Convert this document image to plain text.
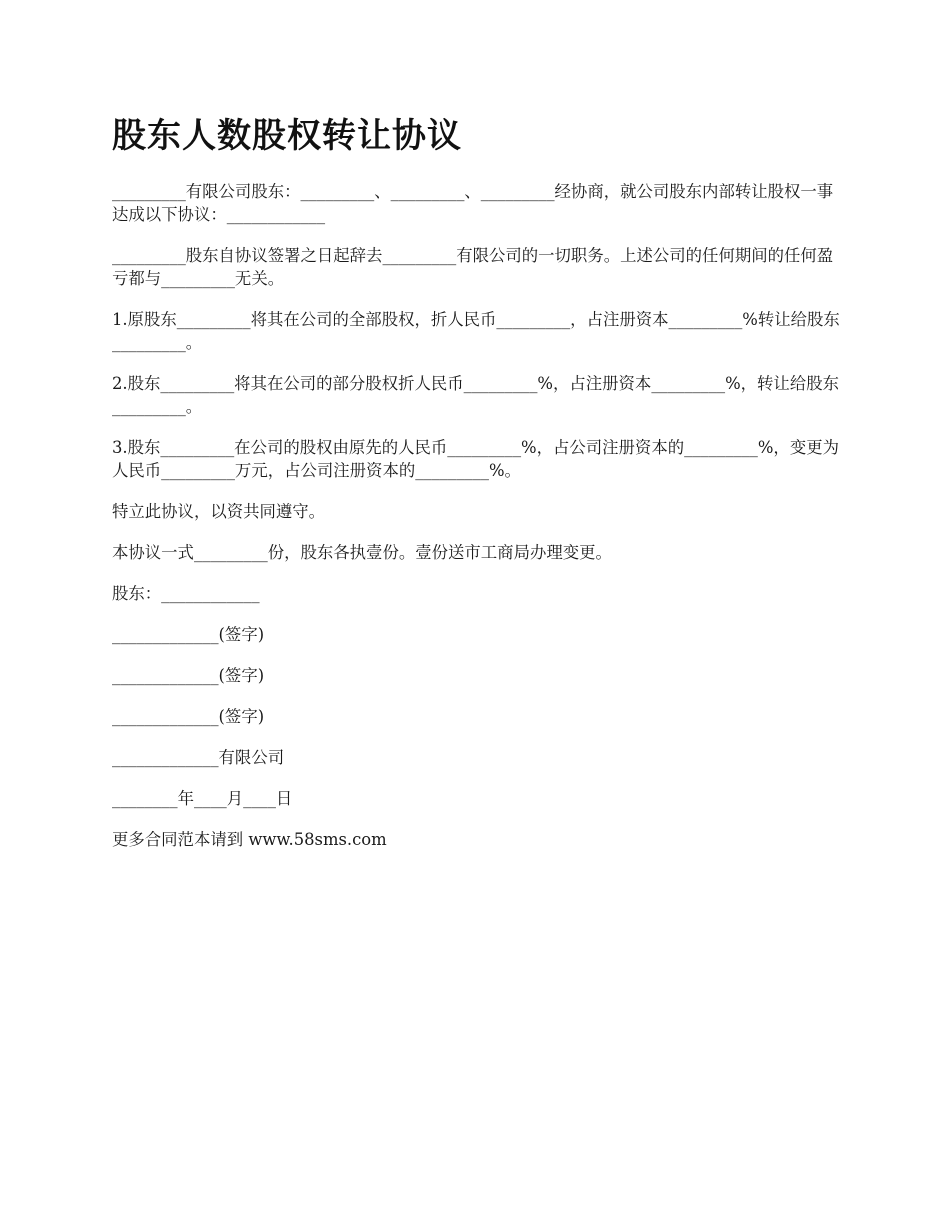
股东人数股权转让协议

_________有限公司股东：_________、_________、_________经协商，就公司股东内部转让股权一事达成以下协议：____________

_________股东自协议签署之日起辞去_________有限公司的一切职务。上述公司的任何期间的任何盈亏都与_________无关。

1.原股东_________将其在公司的全部股权，折人民币_________，占注册资本_________%转让给股东_________。

2.股东_________将其在公司的部分股权折人民币_________%，占注册资本_________%，转让给股东_________。

3.股东_________在公司的股权由原先的人民币_________%，占公司注册资本的_________%，变更为人民币_________万元，占公司注册资本的_________%。

特立此协议，以资共同遵守。

本协议一式_________份，股东各执壹份。壹份送市工商局办理变更。

股东：____________

_____________(签字)

_____________(签字)

_____________(签字)

_____________有限公司

________年____月____日

更多合同范本请到 www.58sms.com
